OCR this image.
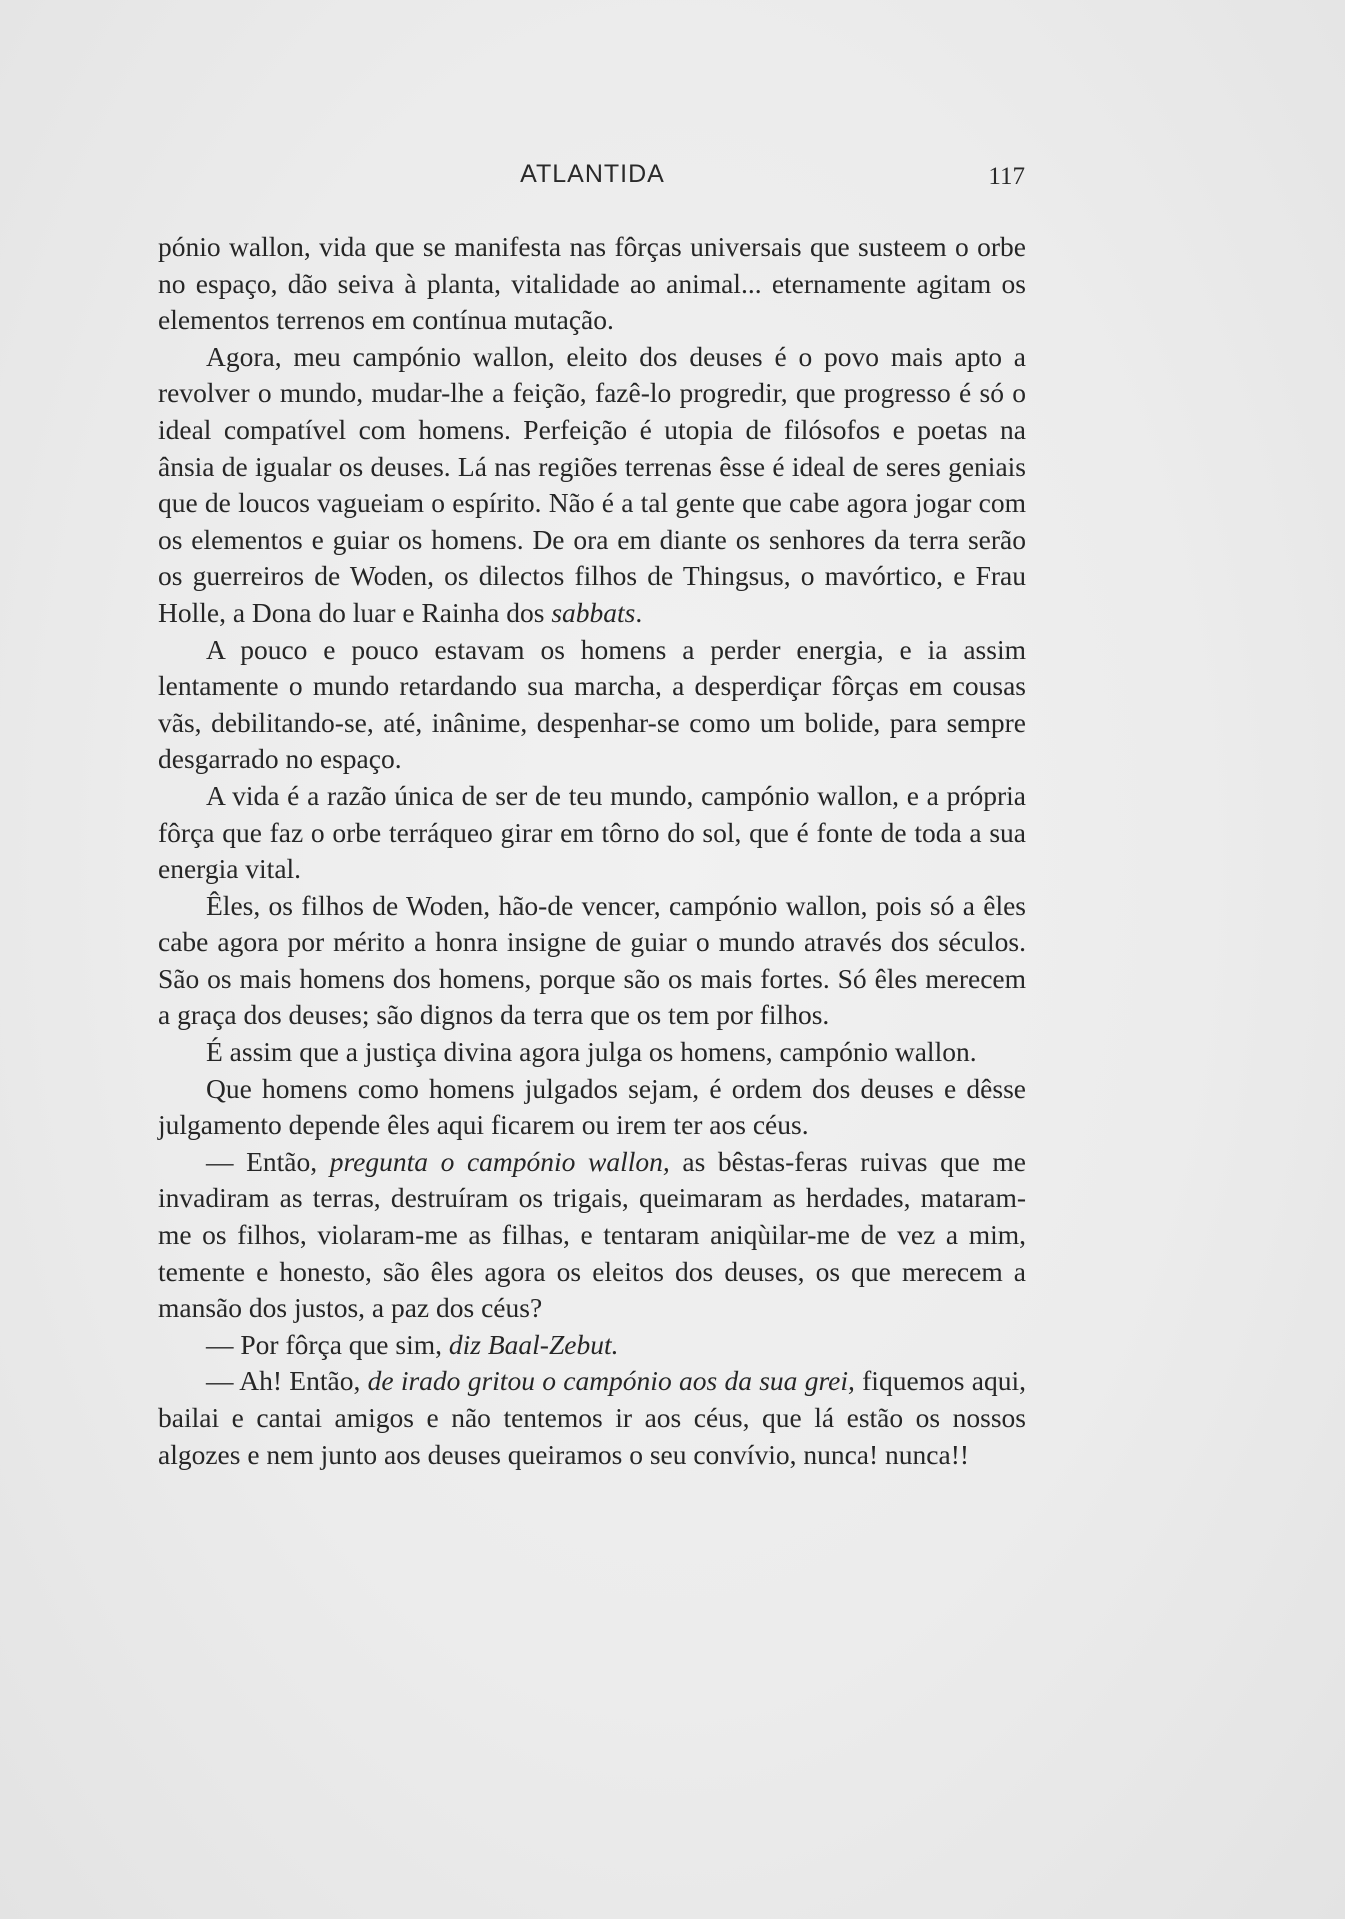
ATLANTIDA	117

pónio wallon, vida que se manifesta nas fôrças universais que susteem o orbe no espaço, dão seiva à planta, vitalidade ao animal... eternamente agitam os elementos terrenos em contínua mutação.

Agora, meu campónio wallon, eleito dos deuses é o povo mais apto a revolver o mundo, mudar-lhe a feição, fazê-lo progredir, que progresso é só o ideal compatível com homens. Perfeição é utopia de filósofos e poetas na ânsia de igualar os deuses. Lá nas regiões terrenas êsse é ideal de seres geniais que de loucos vagueiam o espírito. Não é a tal gente que cabe agora jogar com os elementos e guiar os homens. De ora em diante os senhores da terra serão os guerreiros de Woden, os dilectos filhos de Thingsus, o mavórtico, e Frau Holle, a Dona do luar e Rainha dos sabbats.

A pouco e pouco estavam os homens a perder energia, e ia assim lentamente o mundo retardando sua marcha, a desperdiçar fôrças em cousas vãs, debilitando-se, até, inânime, despenhar-se como um bolide, para sempre desgarrado no espaço.

A vida é a razão única de ser de teu mundo, campónio wallon, e a própria fôrça que faz o orbe terráqueo girar em tôrno do sol, que é fonte de toda a sua energia vital.

Êles, os filhos de Woden, hão-de vencer, campónio wallon, pois só a êles cabe agora por mérito a honra insigne de guiar o mundo através dos séculos. São os mais homens dos homens, porque são os mais fortes. Só êles merecem a graça dos deuses; são dignos da terra que os tem por filhos.

É assim que a justiça divina agora julga os homens, campónio wallon.

Que homens como homens julgados sejam, é ordem dos deuses e dêsse julgamento depende êles aqui ficarem ou irem ter aos céus.

— Então, pregunta o campónio wallon, as bêstas-feras ruivas que me invadiram as terras, destruíram os trigais, queimaram as herdades, mataram-me os filhos, violaram-me as filhas, e tentaram aniqùilar-me de vez a mim, temente e honesto, são êles agora os eleitos dos deuses, os que merecem a mansão dos justos, a paz dos céus?

— Por fôrça que sim, diz Baal-Zebut.

— Ah! Então, de irado gritou o campónio aos da sua grei, fiquemos aqui, bailai e cantai amigos e não tentemos ir aos céus, que lá estão os nossos algozes e nem junto aos deuses queiramos o seu convívio, nunca! nunca!!
